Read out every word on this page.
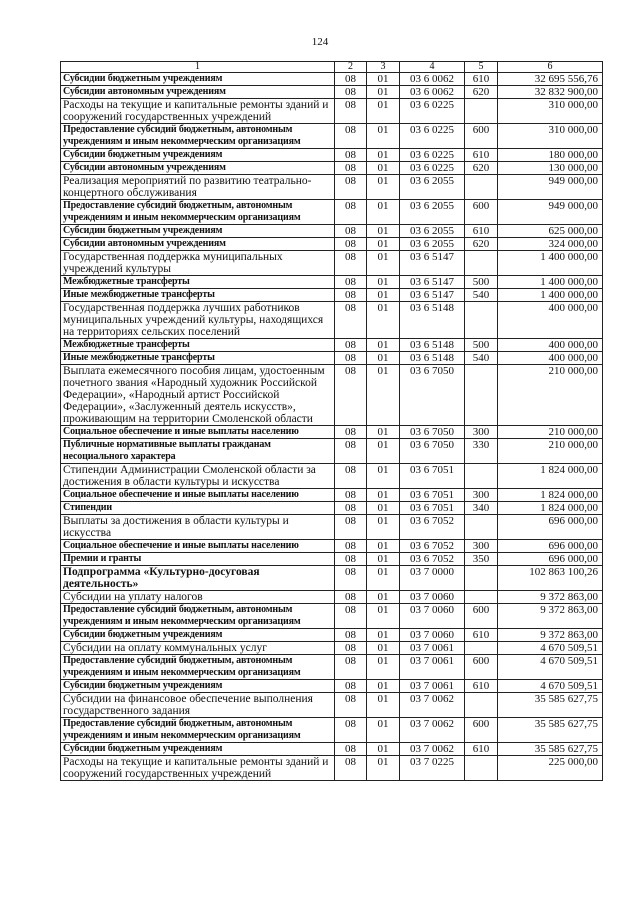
124
1	2	3	4	5	6
Субсидии бюджетным учреждениям	08	01	03 6 0062	610	32 695 556,76
Субсидии автономным учреждениям	08	01	03 6 0062	620	32 832 900,00
Расходы на текущие и капитальные ремонты зданий и сооружений государственных учреждений	08	01	03 6 0225		310 000,00
Предоставление субсидий бюджетным, автономным учреждениям и иным некоммерческим организациям	08	01	03 6 0225	600	310 000,00
Субсидии бюджетным учреждениям	08	01	03 6 0225	610	180 000,00
Субсидии автономным учреждениям	08	01	03 6 0225	620	130 000,00
Реализация мероприятий по развитию театрально-концертного обслуживания	08	01	03 6 2055		949 000,00
Предоставление субсидий бюджетным, автономным учреждениям и иным некоммерческим организациям	08	01	03 6 2055	600	949 000,00
Субсидии бюджетным учреждениям	08	01	03 6 2055	610	625 000,00
Субсидии автономным учреждениям	08	01	03 6 2055	620	324 000,00
Государственная поддержка муниципальных учреждений культуры	08	01	03 6 5147		1 400 000,00
Межбюджетные трансферты	08	01	03 6 5147	500	1 400 000,00
Иные межбюджетные трансферты	08	01	03 6 5147	540	1 400 000,00
Государственная поддержка лучших работников муниципальных учреждений культуры, находящихся на территориях сельских поселений	08	01	03 6 5148		400 000,00
Межбюджетные трансферты	08	01	03 6 5148	500	400 000,00
Иные межбюджетные трансферты	08	01	03 6 5148	540	400 000,00
Выплата ежемесячного пособия лицам, удостоенным почетного звания «Народный художник Российской Федерации», «Народный артист Российской Федерации», «Заслуженный деятель искусств», проживающим на территории Смоленской области	08	01	03 6 7050		210 000,00
Социальное обеспечение и иные выплаты населению	08	01	03 6 7050	300	210 000,00
Публичные нормативные выплаты гражданам несоциального характера	08	01	03 6 7050	330	210 000,00
Стипендии Администрации Смоленской области за достижения в области культуры и искусства	08	01	03 6 7051		1 824 000,00
Социальное обеспечение и иные выплаты населению	08	01	03 6 7051	300	1 824 000,00
Стипендии	08	01	03 6 7051	340	1 824 000,00
Выплаты за достижения в области культуры и искусства	08	01	03 6 7052		696 000,00
Социальное обеспечение и иные выплаты населению	08	01	03 6 7052	300	696 000,00
Премии и гранты	08	01	03 6 7052	350	696 000,00
Подпрограмма «Культурно-досуговая деятельность»	08	01	03 7 0000		102 863 100,26
Субсидии на уплату налогов	08	01	03 7 0060		9 372 863,00
Предоставление субсидий бюджетным, автономным учреждениям и иным некоммерческим организациям	08	01	03 7 0060	600	9 372 863,00
Субсидии бюджетным учреждениям	08	01	03 7 0060	610	9 372 863,00
Субсидии на оплату коммунальных услуг	08	01	03 7 0061		4 670 509,51
Предоставление субсидий бюджетным, автономным учреждениям и иным некоммерческим организациям	08	01	03 7 0061	600	4 670 509,51
Субсидии бюджетным учреждениям	08	01	03 7 0061	610	4 670 509,51
Субсидии на финансовое обеспечение выполнения государственного задания	08	01	03 7 0062		35 585 627,75
Предоставление субсидий бюджетным, автономным учреждениям и иным некоммерческим организациям	08	01	03 7 0062	600	35 585 627,75
Субсидии бюджетным учреждениям	08	01	03 7 0062	610	35 585 627,75
Расходы на текущие и капитальные ремонты зданий и сооружений государственных учреждений	08	01	03 7 0225		225 000,00
